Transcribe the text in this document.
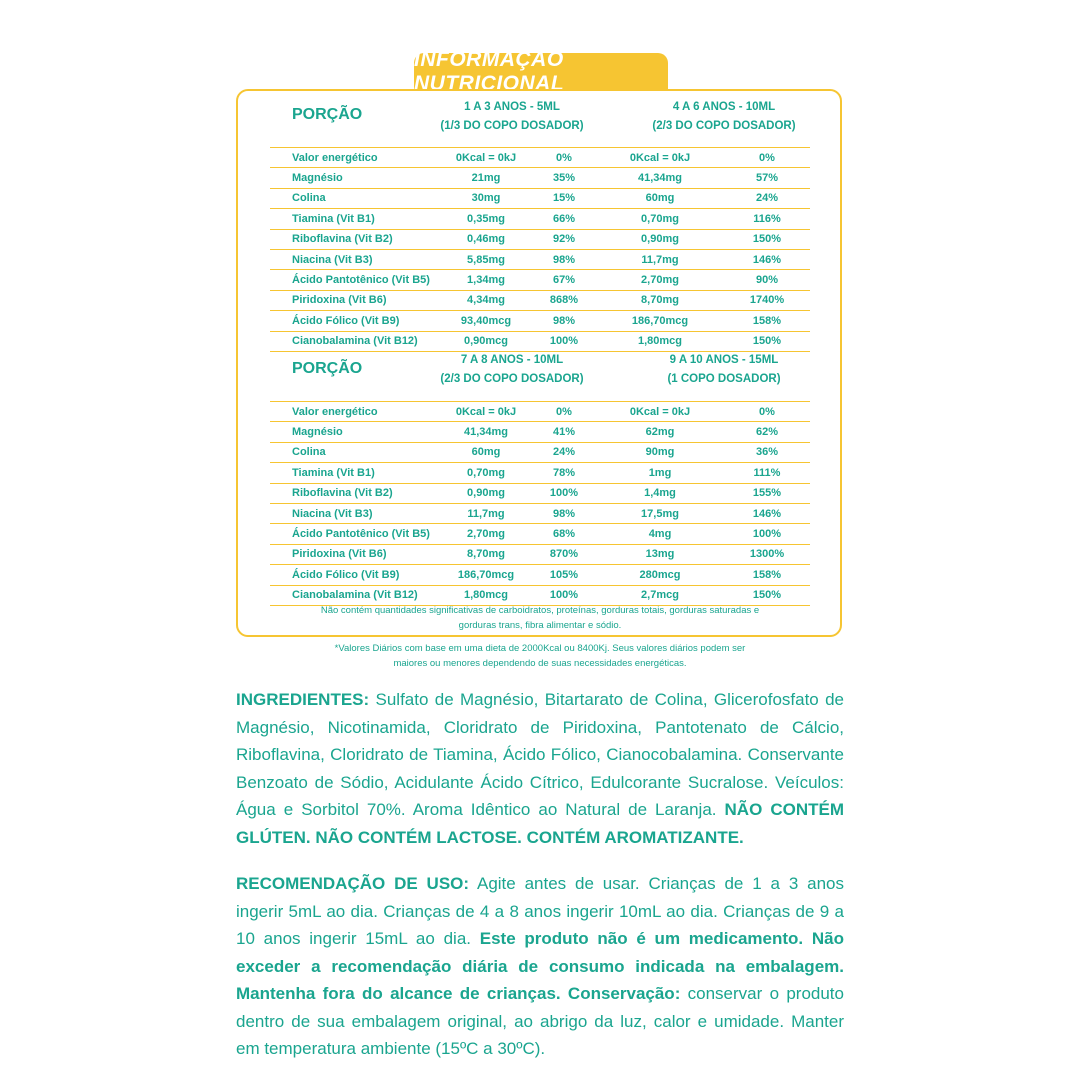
INFORMAÇÃO NUTRICIONAL
PORÇÃO	1 A 3 ANOS - 5ML
(1/3 DO COPO DOSADOR)
4 A 6 ANOS - 10ML
(2/3 DO COPO DOSADOR)
Valor energético	0Kcal = 0kJ	0%	0Kcal = 0kJ	0%
Magnésio	21mg	35%	41,34mg	57%
Colina	30mg	15%	60mg	24%
Tiamina (Vit B1)	0,35mg	66%	0,70mg	116%
Riboflavina (Vit B2)	0,46mg	92%	0,90mg	150%
Niacina (Vit B3)	5,85mg	98%	11,7mg	146%
Ácido Pantotênico (Vit B5)	1,34mg	67%	2,70mg	90%
Piridoxina (Vit B6)	4,34mg	868%	8,70mg	1740%
Ácido Fólico (Vit B9)	93,40mcg	98%	186,70mcg	158%
Cianobalamina (Vit B12)	0,90mcg	100%	1,80mcg	150%
PORÇÃO	7 A 8 ANOS - 10ML
(2/3 DO COPO DOSADOR)
9 A 10 ANOS - 15ML
(1 COPO DOSADOR)
Valor energético	0Kcal = 0kJ	0%	0Kcal = 0kJ	0%
Magnésio	41,34mg	41%	62mg	62%
Colina	60mg	24%	90mg	36%
Tiamina (Vit B1)	0,70mg	78%	1mg	111%
Riboflavina (Vit B2)	0,90mg	100%	1,4mg	155%
Niacina (Vit B3)	11,7mg	98%	17,5mg	146%
Ácido Pantotênico (Vit B5)	2,70mg	68%	4mg	100%
Piridoxina (Vit B6)	8,70mg	870%	13mg	1300%
Ácido Fólico (Vit B9)	186,70mcg	105%	280mcg	158%
Cianobalamina (Vit B12)	1,80mcg	100%	2,7mcg	150%
Não contém quantidades significativas de carboidratos, proteínas, gorduras totais, gorduras saturadas e
gorduras trans, fibra alimentar e sódio.
*Valores Diários com base em uma dieta de 2000Kcal ou 8400Kj. Seus valores diários podem ser
maiores ou menores dependendo de suas necessidades energéticas.
INGREDIENTES: Sulfato de Magnésio, Bitartarato de Colina, Glicerofosfato de Magnésio, Nicotinamida, Cloridrato de Piridoxina, Pantotenato de Cálcio, Riboflavina, Cloridrato de Tiamina, Ácido Fólico, Cianocobalamina. Conservante Benzoato de Sódio, Acidulante Ácido Cítrico, Edulcorante Sucralose. Veículos: Água e Sorbitol 70%. Aroma Idêntico ao Natural de Laranja. NÃO CONTÉM GLÚTEN. NÃO CONTÉM LACTOSE. CONTÉM AROMATIZANTE.
RECOMENDAÇÃO DE USO: Agite antes de usar. Crianças de 1 a 3 anos ingerir 5mL ao dia. Crianças de 4 a 8 anos ingerir 10mL ao dia. Crianças de 9 a 10 anos ingerir 15mL ao dia. Este produto não é um medicamento. Não exceder a recomendação diária de consumo indicada na embalagem. Mantenha fora do alcance de crianças. Conservação: conservar o produto dentro de sua embalagem original, ao abrigo da luz, calor e umidade. Manter em temperatura ambiente (15ºC a 30ºC).
